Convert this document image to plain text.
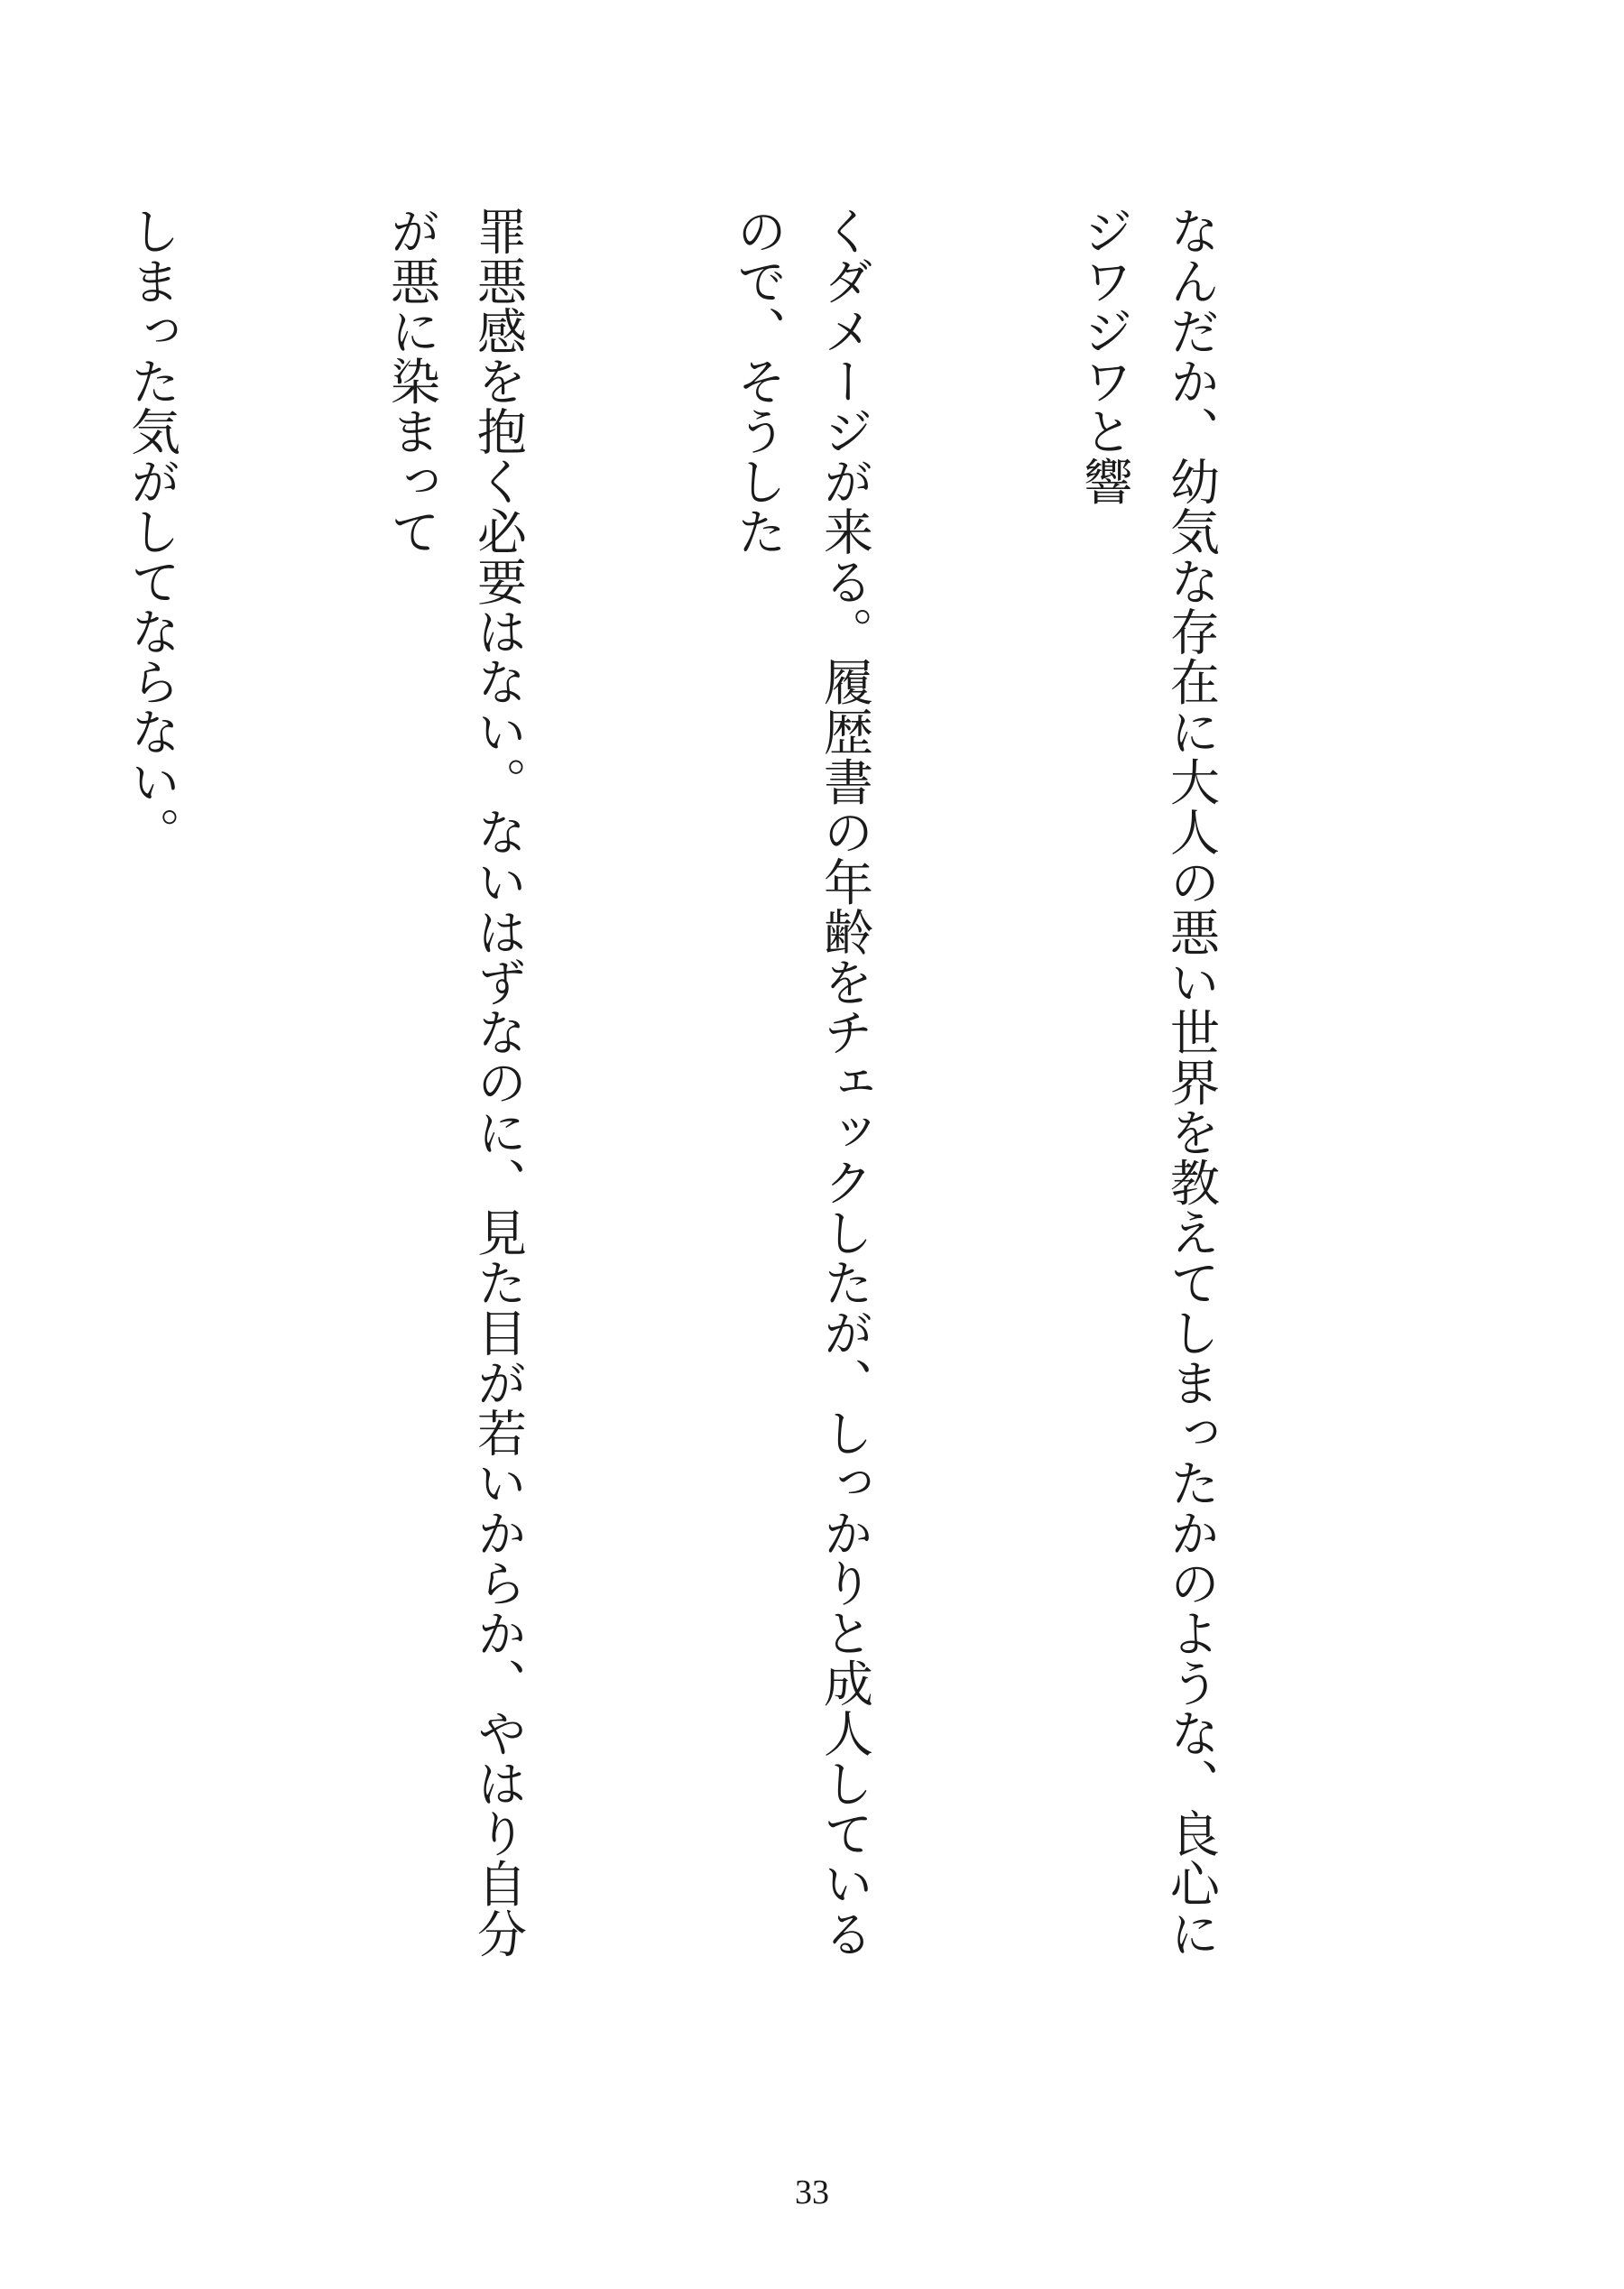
なんだか、幼気な存在に大人の悪い世界を教えてしまったかのような、良心にジワジワと響

くダメージが来る。履歴書の年齢をチェックしたが、しっかりと成人しているので、そうした

罪悪感を抱く必要はない。ないはずなのに、見た目が若いからか、やはり自分が悪に染まって

しまった気がしてならない。

33
